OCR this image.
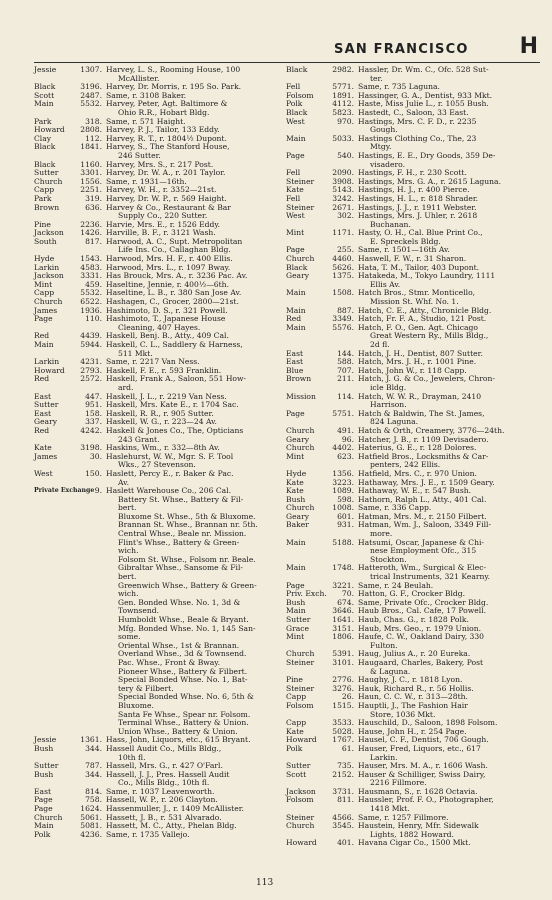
SAN FRANCISCO H
Jessie	1307. Harvey, L. S., Rooming House, 100
McAllister.
Black	3196. Harvey, Dr. Morris, r. 195 So. Park.
Scott	2487. Same, r. 3108 Baker.
Main	5532. Harvey, Peter, Agt. Baltimore &
Ohio R.R., Hobart Bldg.
Park	318. Same, r. 571 Haight.
Howard	2808. Harvey, P. J., Tailor, 133 Eddy.
Clay	112. Harvey, R. T., r. 1804½ Dupont.
Black	1841. Harvey, S., The Stanford House,
246 Sutter.
Black	1160. Harvey, Mrs. S., r. 217 Post.
Sutter	3301. Harvey, Dr. W. A., r. 201 Taylor.
Church	1556. Same, r. 1931—16th.
Capp	2251. Harvey, W. H., r. 3352—21st.
Park	319. Harvey, Dr. W. P., r. 569 Haight.
Brown	636. Harvey & Co., Restaurant & Bar
Supply Co., 220 Sutter.
Pine	2236. Harvie, Mrs. E., r. 1526 Eddy.
Jackson	1426. Harville, B. F., r. 3121 Wash.
South	817. Harwood, A. C., Supt. Metropolitan
Life Ins. Co., Callaghan Bldg.
Hyde	1543. Harwood, Mrs. H. F., r. 400 Ellis.
Larkin	4583. Harwood, Mrs. L., r. 1097 Bway.
Jackson	3331. Has Brouck, Mrs. A., r. 3236 Pac. Av.
Mint	459. Haseltine, Jennie, r. 400½—6th.
Capp	5532. Haseltine, L. B., r. 380 San Jose Av.
Church	6522. Hashagen, C., Grocer, 2800—21st.
James	1936. Hashimoto, D. S., r. 321 Powell.
Page	110. Hashimoto, T., Japanese House
Cleaning, 407 Hayes.
Red	4439. Haskell, Benj. B., Atty., 409 Cal.
Main	5944. Haskell, C. L., Saddlery & Harness,
511 Mkt.
Larkin	4231. Same, r. 2217 Van Ness.
Howard	2793. Haskell, F. E., r. 593 Franklin.
Red	2572. Haskell, Frank A., Saloon, 551 How-
ard.
East	447. Haskell, J. L., r. 2219 Van Ness.
Sutter	951. Haskell, Mrs. Kate E., r. 1704 Sac.
East	158. Haskell, R. R., r. 905 Sutter.
Geary	337. Haskell, W. G., r. 223—24 Av.
Red	4242. Haskell & Jones Co., The, Opticians
243 Grant.
Kate	3198. Haskins, Wm., r. 332—8th Av.
James	30. Haslehurst, W. W., Mgr. S. F. Tool
Wks., 27 Stevenson.
West	150. Haslett, Percy E., r. Baker & Pac.
Av.
Private Exchange 9. Haslett Warehouse Co., 206 Cal.
Battery St. Whse., Battery & Fil-
bert.
Bluxome St. Whse., 5th & Bluxome.
Brannan St. Whse., Brannan nr. 5th.
Central Whse., Beale nr. Mission.
Flint's Whse., Battery & Green-
wich.
Folsom St. Whse., Folsom nr. Beale.
Gibraltar Whse., Sansome & Fil-
bert.
Greenwich Whse., Battery & Green-
wich.
Gen. Bonded Whse. No. 1, 3d &
Townsend.
Humboldt Whse., Beale & Bryant.
Mfg. Bonded Whse. No. 1, 145 San-
some.
Oriental Whse., 1st & Brannan.
Overland Whse., 3d & Townsend.
Pac. Whse., Front & Bway.
Pioneer Whse., Battery & Filbert.
Special Bonded Whse. No. 1, Bat-
tery & Filbert.
Special Bonded Whse. No. 6, 5th &
Bluxome.
Santa Fe Whse., Spear nr. Folsom.
Terminal Whse., Battery & Union.
Union Whse., Battery & Union.
Jessie	1361. Hass, John, Liquors, etc., 615 Bryant.
Bush	344. Hassell Audit Co., Mills Bldg.,
10th fl.
Sutter	787. Hassell, Mrs. G., r. 427 O'Farl.
Bush	344. Hassell, J. J., Pres. Hassell Audit
Co., Mills Bldg., 10th fl.
East	814. Same, r. 1037 Leavenworth.
Page	758. Hassell, W. P., r. 206 Clayton.
Page	1624. Hassenmuller, J., r. 1409 McAllister.
Church	5061. Hassett, J. B., r. 531 Alvarado.
Main	5081. Hassett, M. C., Atty., Phelan Bldg.
Polk	4236. Same, r. 1735 Vallejo.
Black	2982. Hassler, Dr. Wm. C., Ofc. 528 Sut-
ter.
Fell	5771. Same, r. 735 Laguna.
Folsom	1891. Hassinger, G. A., Dentist, 933 Mkt.
Polk	4112. Haste, Miss Julie L., r. 1055 Bush.
Black	5823. Hastedt, C., Saloon, 33 East.
West	970. Hastings, Mrs. C. F. D., r. 2235
Gough.
Main	5033. Hastings Clothing Co., The, 23
Mtgy.
Page	540. Hastings, E. E., Dry Goods, 359 De-
visadero.
Fell	2090. Hastings, F. H., r. 230 Scott.
Steiner	3908. Hastings, Mrs. G. A., r. 2615 Laguna.
Kate	5143. Hastings, H. J., r. 400 Pierce.
Fell	3242. Hastings, H. L., r. 818 Shrader.
Steiner	2671. Hastings, J. J., r. 1911 Webster.
West	302. Hastings, Mrs. J. Uhler, r. 2618
Buchanan.
Mint	1171. Hasty, O. H., Cal. Blue Print Co.,
E. Spreckels Bldg.
Page	255. Same, r. 1501—16th Av.
Church	4460. Haswell, F. W., r. 31 Sharon.
Black	5626. Hata, T. M., Tailor, 403 Dupont.
Geary	1375. Hatakeda, M., Tokyo Laundry, 1111
Ellis Av.
Main	1508. Hatch Bros., Stmr. Monticello,
Mission St. Whf. No. 1.
Main	887. Hatch, C. E., Atty., Chronicle Bldg.
Red	3349. Hatch, Fr. F. A., Studio, 121 Post.
Main	5576. Hatch, F. O., Gen. Agt. Chicago
Great Western Ry., Mills Bldg.,
2d fl.
East	144. Hatch, J. H., Dentist, 807 Sutter.
East	588. Hatch, Mrs. J. H., r. 1001 Pine.
Blue	707. Hatch, John W., r. 118 Capp.
Brown	211. Hatch, J. G. & Co., Jewelers, Chron-
icle Bldg.
Mission	114. Hatch, W. W. R., Drayman, 2410
Harrison.
Page	5751. Hatch & Baldwin, The St. James,
824 Laguna.
Church	491. Hatch & Orth, Creamery, 3776—24th.
Geary	96. Hatcher, J. B., r. 1109 Devisadero.
Church	4402. Haterius, G. E., r. 128 Dolores.
Mint	623. Hatfield Bros., Locksmiths & Car-
penters, 242 Ellis.
Hyde	1356. Hatfield, Mrs. C., r. 970 Union.
Kate	3223. Hathaway, Mrs. J. E., r. 1509 Geary.
Kate	1089. Hathaway, W. E., r. 547 Bush.
Bush	598. Hathorn, Ralph L., Atty., 401 Cal.
Church	1008. Same, r. 336 Capp.
Geary	601. Hatman, Mrs. M., r. 2150 Filbert.
Baker	931. Hatman, Wm. J., Saloon, 3349 Fill-
more.
Main	5188. Hatsumi, Oscar, Japanese & Chi-
nese Employment Ofc., 315
Stockton.
Main	1748. Hatteroth, Wm., Surgical & Elec-
trical Instruments, 321 Kearny.
Page	3221. Same, r. 24 Beulah.
Priv. Exch.	70. Hatton, G. F., Crocker Bldg.
Bush	674. Same, Private Ofc., Crocker Bldg.
Main	3646. Haub Bros., Cal. Cafe, 17 Powell.
Sutter	1641. Haub, Chas. G., r. 1828 Polk.
Grace	3151. Haub, Mrs. Geo., r. 1979 Union.
Mint	1806. Haufe, C. W., Oakland Dairy, 330
Fulton.
Church	5391. Haug, Julius A., r. 20 Eureka.
Steiner	3101. Haugaard, Charles, Bakery, Post
& Laguna.
Pine	2776. Haughy, J. C., r. 1818 Lyon.
Steiner	3276. Hauk, Richard R., r. 56 Hollis.
Capp	26. Haun, C. C. W., r. 313—28th.
Folsom	1515. Hauptli, J., The Fashion Hair
Store, 1036 Mkt.
Capp	3533. Hauschild, D., Saloon, 1898 Folsom.
Kate	5028. Hause, John H., r. 254 Page.
Howard	1767. Hausel, C. F., Dentist, 706 Gough.
Polk	61. Hauser, Fred, Liquors, etc., 617
Larkin.
Sutter	735. Hauser, Mrs. M. A., r. 1606 Wash.
Scott	2152. Hauser & Schilliger, Swiss Dairy,
2216 Fillmore.
Jackson	3731. Hausmann, S., r. 1628 Octavia.
Folsom	811. Haussler, Prof. F. O., Photographer,
1418 Mkt.
Steiner	4566. Same, r. 1257 Fillmore.
Church	3545. Haustein, Henry, Mfr. Sidewalk
Lights, 1882 Howard.
Howard	401. Havana Cigar Co., 1500 Mkt.
113
